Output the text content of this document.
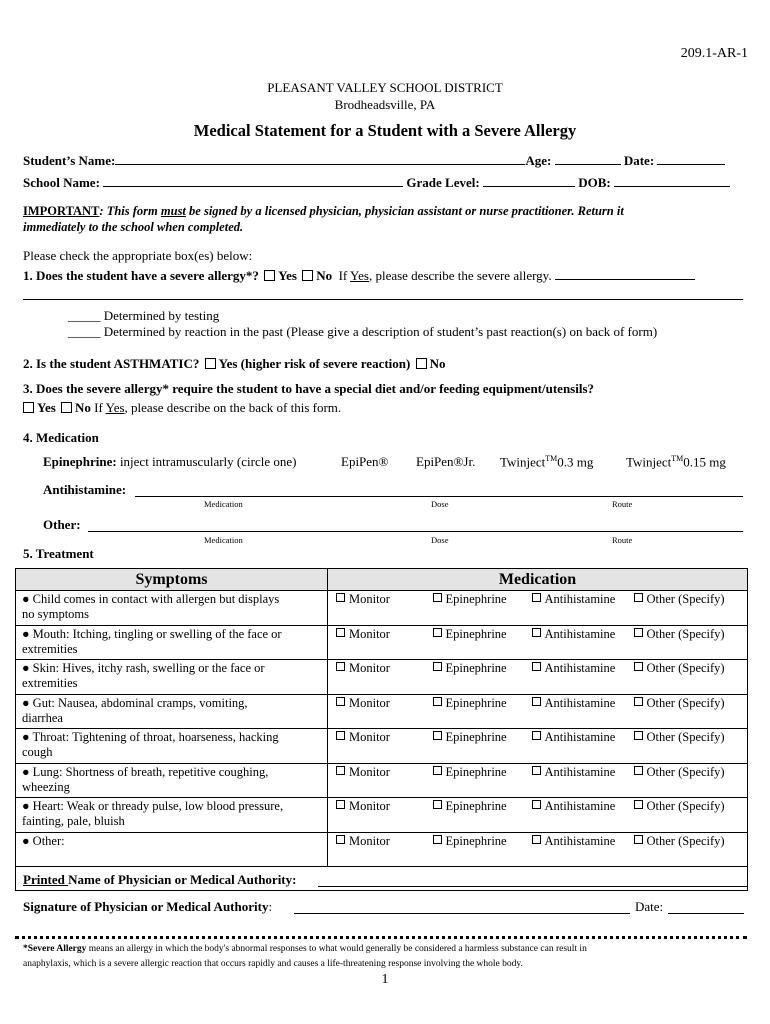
209.1-AR-1
PLEASANT VALLEY SCHOOL DISTRICT
Brodheadsville, PA
Medical Statement for a Student with a Severe Allergy
Student’s Name:	Age:	Date:
School Name:	Grade Level:	DOB:
IMPORTANT: This form must be signed by a licensed physician, physician assistant or nurse practitioner. Return it
immediately to the school when completed.
Please check the appropriate box(es) below:
1. Does the student have a severe allergy*? Yes No If Yes, please describe the severe allergy.
_____ Determined by testing
_____ Determined by reaction in the past (Please give a description of student’s past reaction(s) on back of form)
2. Is the student ASTHMATIC? Yes (higher risk of severe reaction) No
3. Does the severe allergy* require the student to have a special diet and/or feeding equipment/utensils?
Yes No If Yes, please describe on the back of this form.
4. Medication
Epinephrine: inject intramuscularly (circle one)	EpiPen® EpiPen®Jr. Twinject™0.3 mg	Twinject™0.15 mg
Antihistamine:
Medication	Dose	Route
Other:
Medication	Dose	Route
5. Treatment
Symptoms	Medication			

● Child comes in contact with allergen but displays
no symptoms	Monitor	Epinephrine	Antihistamine	Other (Specify)

● Mouth: Itching, tingling or swelling of the face or
extremities	Monitor	Epinephrine	Antihistamine	Other (Specify)

● Skin: Hives, itchy rash, swelling or the face or
extremities	Monitor	Epinephrine	Antihistamine	Other (Specify)

● Gut: Nausea, abdominal cramps, vomiting,
diarrhea	Monitor	Epinephrine	Antihistamine	Other (Specify)

● Throat: Tightening of throat, hoarseness, hacking
cough	Monitor	Epinephrine	Antihistamine	Other (Specify)

● Lung: Shortness of breath, repetitive coughing,
wheezing	Monitor	Epinephrine	Antihistamine	Other (Specify)

● Heart: Weak or thready pulse, low blood pressure,
fainting, pale, bluish	Monitor	Epinephrine	Antihistamine	Other (Specify)

● Other:	Monitor	Epinephrine	Antihistamine	Other (Specify)

Printed Name of Physician or Medical Authority:
Signature of Physician or Medical Authority:	Date:
*Severe Allergy means an allergy in which the body's abnormal responses to what would generally be considered a harmless substance can result in
anaphylaxis, which is a severe allergic reaction that occurs rapidly and causes a life-threatening response involving the whole body.
1
